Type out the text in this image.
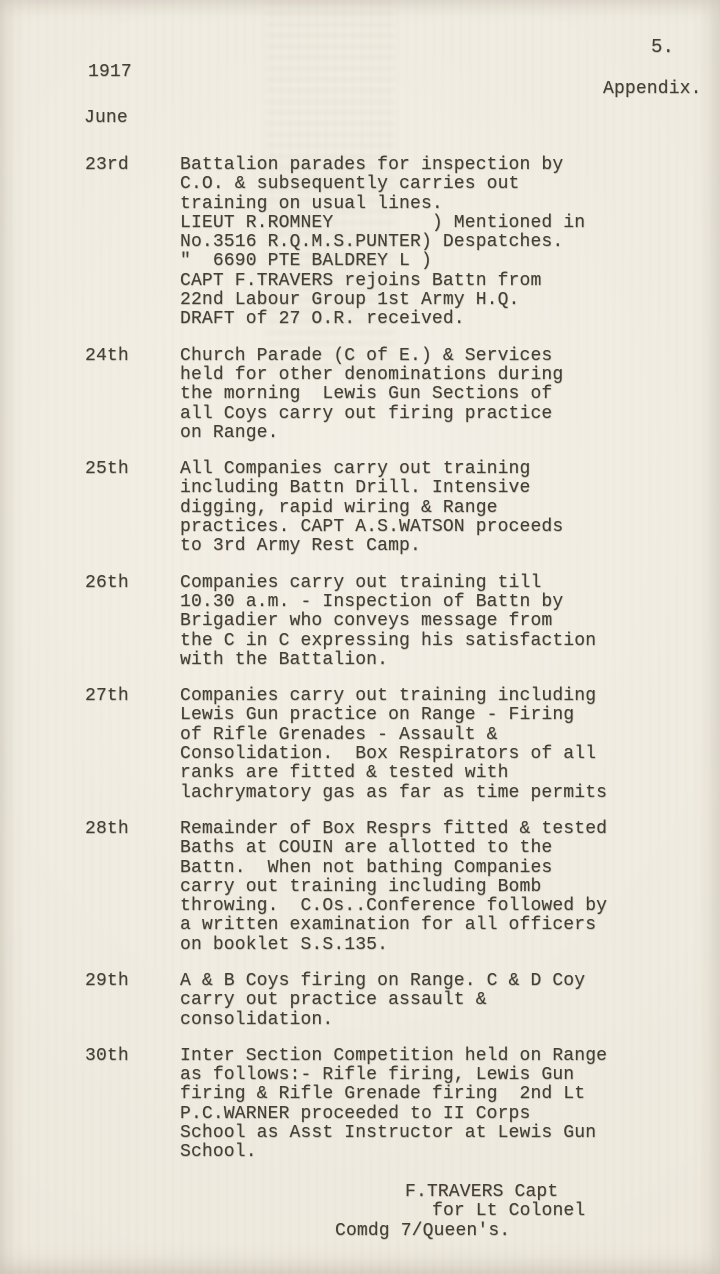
5.
1917
Appendix.
June
23rd	Battalion parades for inspection by
C.O. & subsequently carries out
training on usual lines.
LIEUT R.ROMNEY         ) Mentioned in
No.3516 R.Q.M.S.PUNTER) Despatches.
"  6690 PTE BALDREY L )
CAPT F.TRAVERS rejoins Battn from
22nd Labour Group 1st Army H.Q.
DRAFT of 27 O.R. received.
24th	Church Parade (C of E.) & Services
held for other denominations during
the morning  Lewis Gun Sections of
all Coys carry out firing practice
on Range.
25th	All Companies carry out training
including Battn Drill. Intensive
digging, rapid wiring & Range
practices. CAPT A.S.WATSON proceeds
to 3rd Army Rest Camp.
26th	Companies carry out training till
10.30 a.m. - Inspection of Battn by
Brigadier who conveys message from
the C in C expressing his satisfaction
with the Battalion.
27th	Companies carry out training including
Lewis Gun practice on Range - Firing
of Rifle Grenades - Assault &
Consolidation.  Box Respirators of all
ranks are fitted & tested with
lachrymatory gas as far as time permits
28th	Remainder of Box Resprs fitted & tested
Baths at COUIN are allotted to the
Battn.  When not bathing Companies
carry out training including Bomb
throwing.  C.Os..Conference followed by
a written examination for all officers
on booklet S.S.135.
29th	A & B Coys firing on Range. C & D Coy
carry out practice assault &
consolidation.
30th	Inter Section Competition held on Range
as follows:- Rifle firing, Lewis Gun
firing & Rifle Grenade firing  2nd Lt
P.C.WARNER proceeded to II Corps
School as Asst Instructor at Lewis Gun
School.
F.TRAVERS Capt
for Lt Colonel
Comdg 7/Queen's.
